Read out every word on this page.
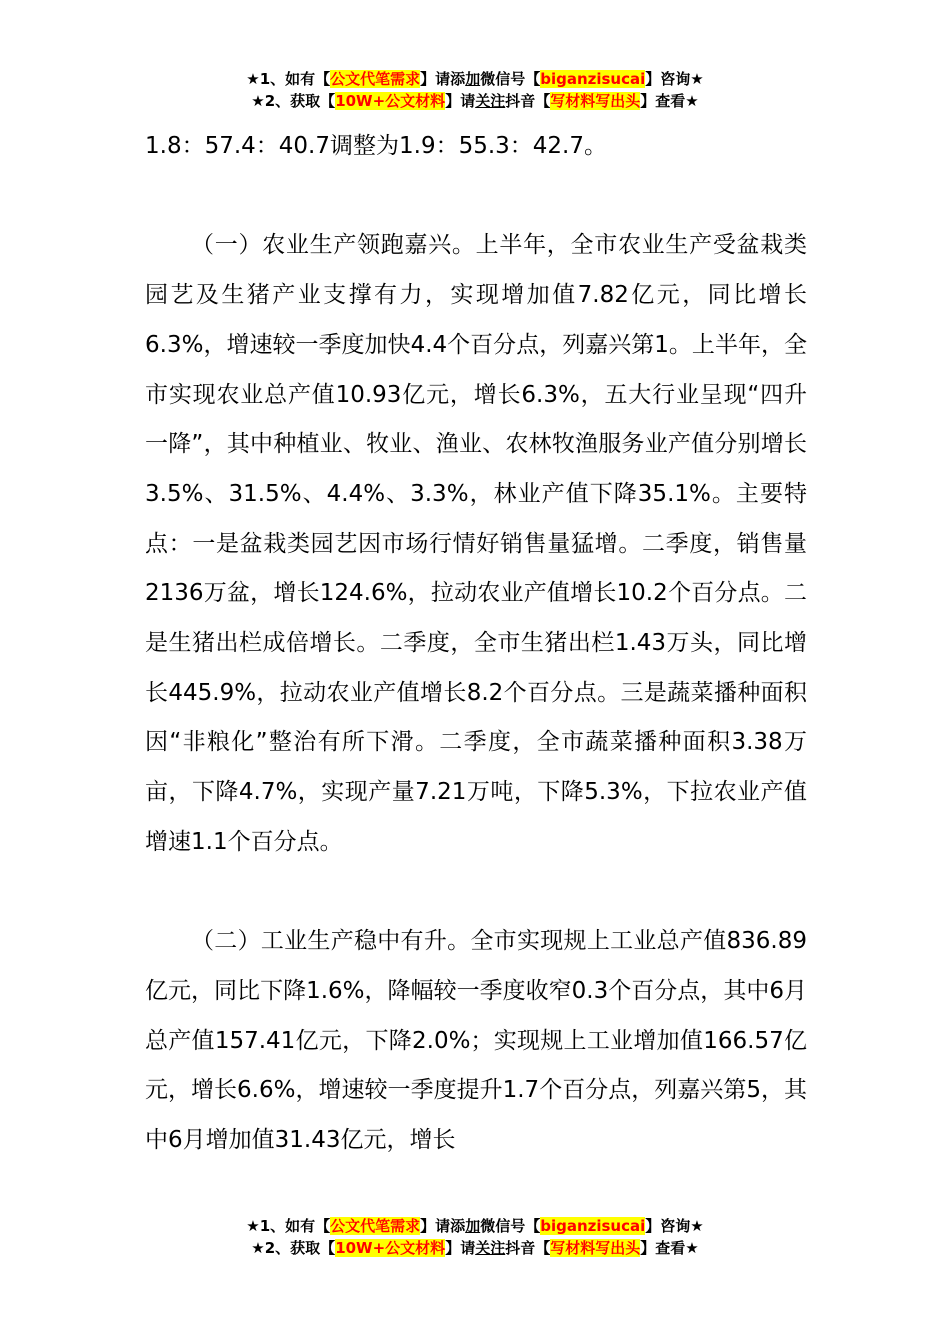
★1、如有【公文代笔需求】请添加微信号【biganzisucai】咨询★
★2、获取【10W+公文材料】请关注抖音【写材料写出头】查看★

1.8：57.4：40.7调整为1.9：55.3：42.7。

（一）农业生产领跑嘉兴。上半年，全市农业生产受盆栽类园艺及生猪产业支撑有力，实现增加值7.82亿元，同比增长6.3%，增速较一季度加快4.4个百分点，列嘉兴第1。上半年，全市实现农业总产值10.93亿元，增长6.3%，五大行业呈现“四升一降”，其中种植业、牧业、渔业、农林牧渔服务业产值分别增长3.5%、31.5%、4.4%、3.3%，林业产值下降35.1%。主要特点：一是盆栽类园艺因市场行情好销售量猛增。二季度，销售量2136万盆，增长124.6%，拉动农业产值增长10.2个百分点。二是生猪出栏成倍增长。二季度，全市生猪出栏1.43万头，同比增长445.9%，拉动农业产值增长8.2个百分点。三是蔬菜播种面积因“非粮化”整治有所下滑。二季度，全市蔬菜播种面积3.38万亩，下降4.7%，实现产量7.21万吨，下降5.3%，下拉农业产值增速1.1个百分点。

（二）工业生产稳中有升。全市实现规上工业总产值836.89亿元，同比下降1.6%，降幅较一季度收窄0.3个百分点，其中6月总产值157.41亿元，下降2.0%；实现规上工业增加值166.57亿元，增长6.6%，增速较一季度提升1.7个百分点，列嘉兴第5，其中6月增加值31.43亿元，增长

★1、如有【公文代笔需求】请添加微信号【biganzisucai】咨询★
★2、获取【10W+公文材料】请关注抖音【写材料写出头】查看★
